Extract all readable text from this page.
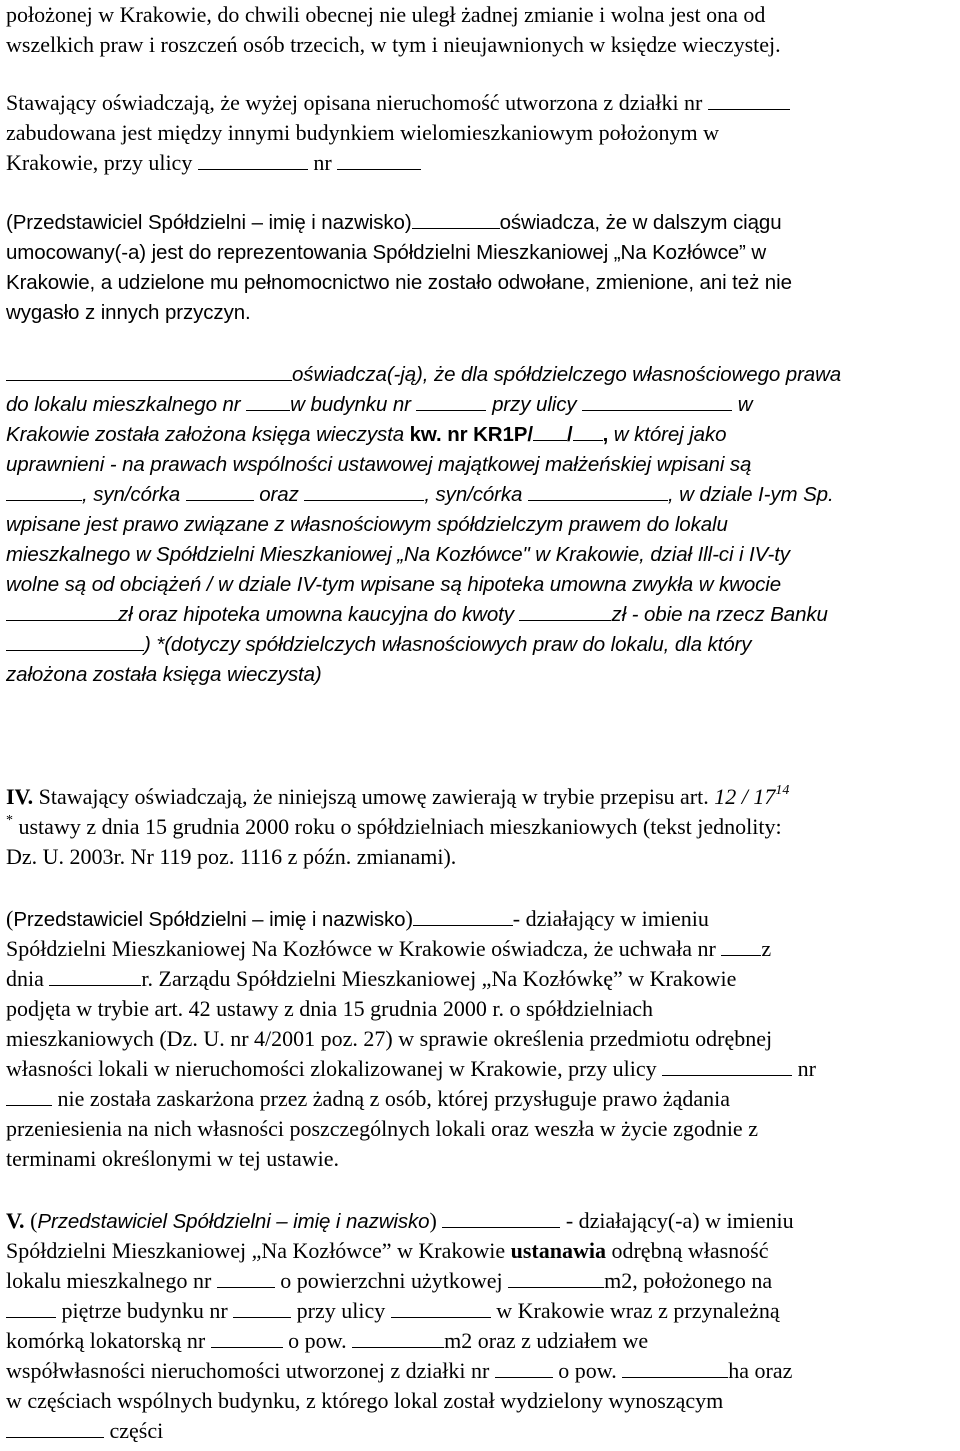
położonej w Krakowie, do chwili obecnej nie uległ żadnej zmianie i wolna jest ona od
wszelkich praw i roszczeń osób trzecich, w tym i nieujawnionych w księdze wieczystej.
Stawający oświadczają, że wyżej opisana nieruchomość utworzona z działki nr
zabudowana jest między innymi budynkiem wielomieszkaniowym położonym w
Krakowie, przy ulicy	nr
(Przedstawiciel Spółdzielni – imię i nazwisko)	oświadcza, że w dalszym ciągu
umocowany(-a) jest do reprezentowania Spółdzielni Mieszkaniowej „Na Kozłówce” w
Krakowie, a udzielone mu pełnomocnictwo nie zostało odwołane, zmienione, ani też nie
wygasło z innych przyczyn.
oświadcza(-ją), że dla spółdzielczego własnościowego prawa
do lokalu mieszkalnego nr w budynku nr	przy ulicy	w
Krakowie została założona księga wieczysta kw. nr KR1P/ / , w której jako
uprawnieni - na prawach wspólności ustawowej majątkowej małżeńskiej wpisani są
, syn/córka	oraz	, syn/córka	, w dziale I-ym Sp.
wpisane jest prawo związane z własnościowym spółdzielczym prawem do lokalu
mieszkalnego w Spółdzielni Mieszkaniowej „Na Kozłówce" w Krakowie, dział Ill-ci i IV-ty
wolne są od obciążeń / w dziale IV-tym wpisane są hipoteka umowna zwykła w kwocie
zł oraz hipoteka umowna kaucyjna do kwoty	zł - obie na rzecz Banku
) *(dotyczy spółdzielczych własnościowych praw do lokalu, dla który
założona została księga wieczysta)
IV. Stawający oświadczają, że niniejszą umowę zawierają w trybie przepisu art. $12 / 17^{14}$
* ustawy z dnia 15 grudnia 2000 roku o spółdzielniach mieszkaniowych (tekst jednolity:
Dz. U. 2003r. Nr 119 poz. 1116 z późn. zmianami).
(Przedstawiciel Spółdzielni – imię i nazwisko)	- działający w imieniu
Spółdzielni Mieszkaniowej Na Kozłówce w Krakowie oświadcza, że uchwała nr z
dnia	r. Zarządu Spółdzielni Mieszkaniowej „Na Kozłówkę” w Krakowie
podjęta w trybie art. 42 ustawy z dnia 15 grudnia 2000 r. o spółdzielniach
mieszkaniowych (Dz. U. nr 4/2001 poz. 27) w sprawie określenia przedmiotu odrębnej
własności lokali w nieruchomości zlokalizowanej w Krakowie, przy ulicy	nr
nie została zaskarżona przez żadną z osób, której przysługuje prawo żądania
przeniesienia na nich własności poszczególnych lokali oraz weszła w życie zgodnie z
terminami określonymi w tej ustawie.
V. (Przedstawiciel Spółdzielni – imię i nazwisko)	- działający(-a) w imieniu
Spółdzielni Mieszkaniowej „Na Kozłówce” w Krakowie ustanawia odrębną własność
lokalu mieszkalnego nr	o powierzchni użytkowej	m2, położonego na
piętrze budynku nr	przy ulicy	w Krakowie wraz z przynależną
komórką lokatorską nr	o pow.	m2 oraz z udziałem we
współwłasności nieruchomości utworzonej z działki nr	o pow.	ha oraz
w częściach wspólnych budynku, z którego lokal został wydzielony wynoszącym
części
